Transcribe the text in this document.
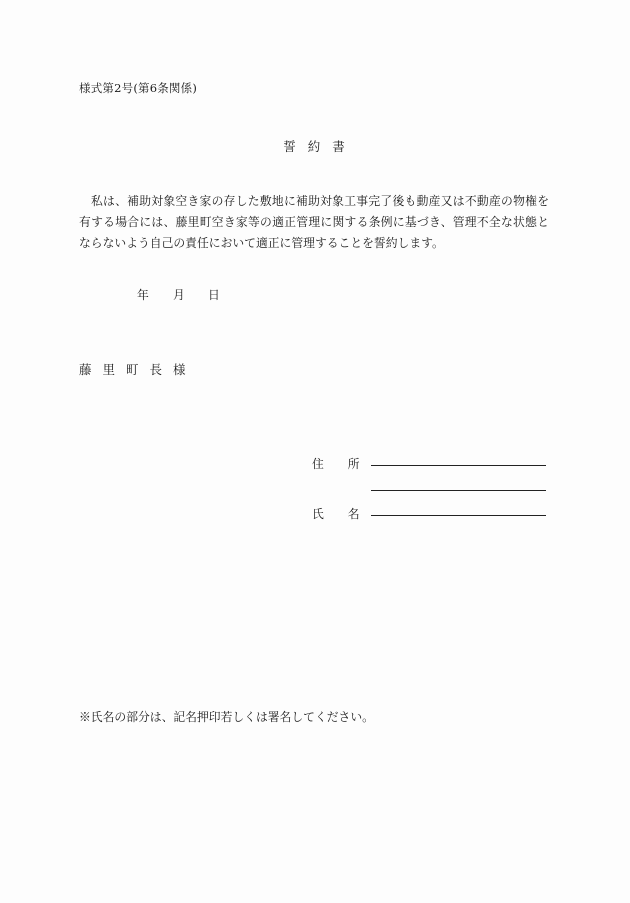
様式第2号(第6条関係)
誓約書

私は、補助対象空き家の存した敷地に補助対象工事完了後も動産又は不動産の物権を有する場合には、藤里町空き家等の適正管理に関する条例に基づき、管理不全な状態とならないよう自己の責任において適正に管理することを誓約します。

年 月 日
藤里町長様
住所
氏名
※氏名の部分は、記名押印若しくは署名してください。
